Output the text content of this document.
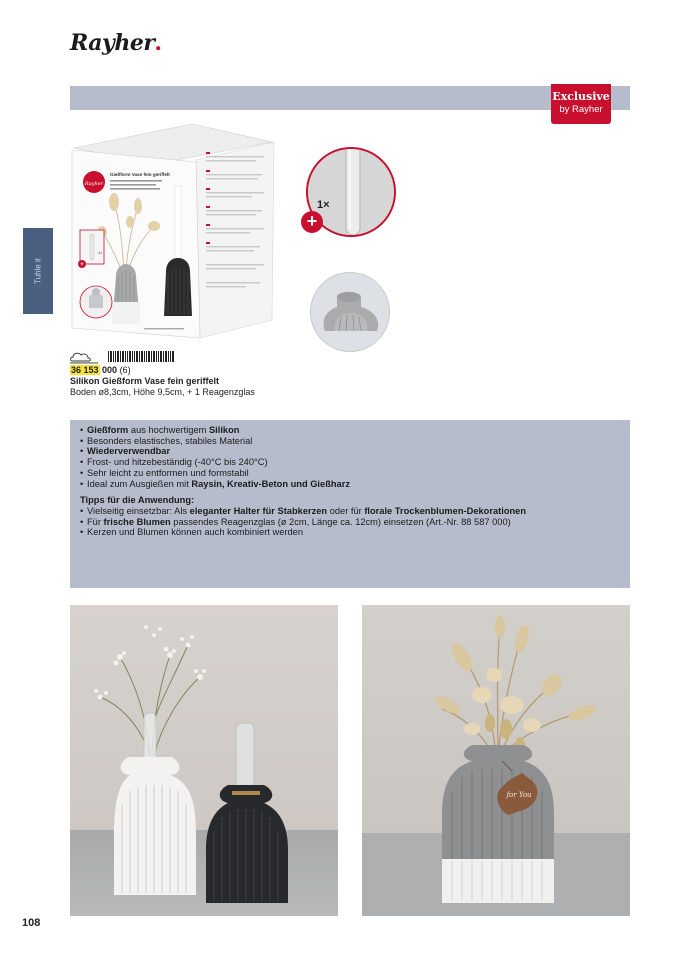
Rayher.
Exclusive
by Rayher
Tuhle it
Rayher
Gießform Vase fein geriffelt
1×
+
1×
+
36 153 000 (6)
Silikon Gießform Vase fein geriffelt
Boden ø8,3cm, Höhe 9,5cm, + 1 Reagenzglas
• Gießform aus hochwertigem Silikon
• Besonders elastisches, stabiles Material
• Wiederverwendbar
• Frost- und hitzebeständig (-40°C bis 240°C)
• Sehr leicht zu entformen und formstabil
• Ideal zum Ausgießen mit Raysin, Kreativ-Beton und Gießharz
Tipps für die Anwendung:
• Vielseitig einsetzbar: Als eleganter Halter für Stabkerzen oder für florale Trockenblumen-Dekorationen
• Für frische Blumen passendes Reagenzglas (ø 2cm, Länge ca. 12cm) einsetzen (Art.-Nr. 88 587 000)
• Kerzen und Blumen können auch kombiniert werden
for You
108
